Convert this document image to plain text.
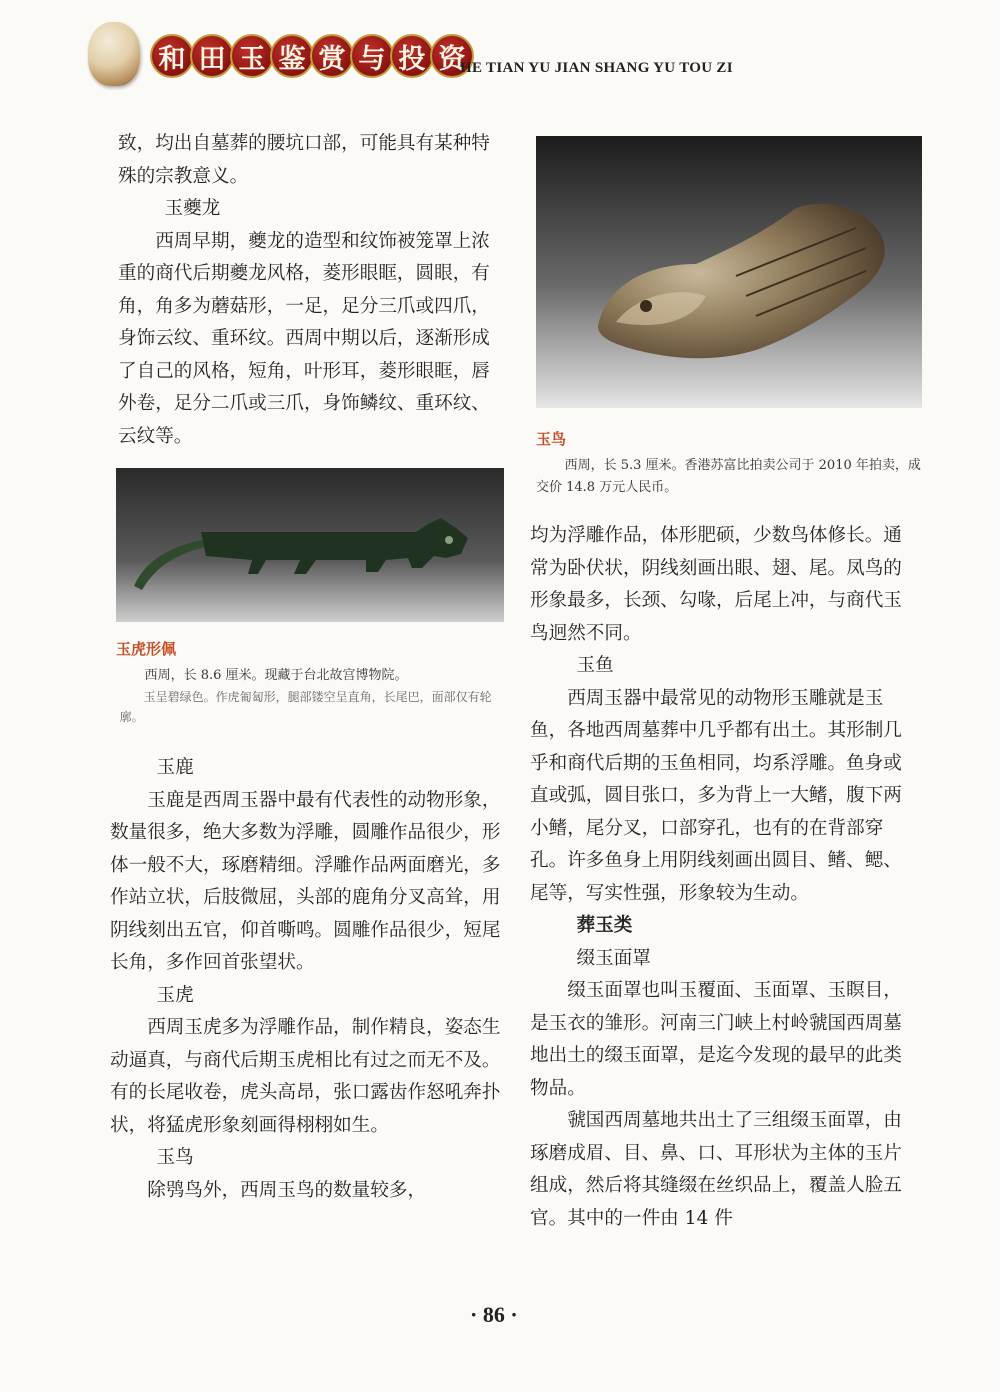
和 田 玉 鉴 赏 与 投 资
HE TIAN YU JIAN SHANG YU TOU ZI

致，均出自墓葬的腰坑口部，可能具有某种特殊的宗教意义。

玉夔龙

西周早期，夔龙的造型和纹饰被笼罩上浓重的商代后期夔龙风格，菱形眼眶，圆眼，有角，角多为蘑菇形，一足，足分三爪或四爪，身饰云纹、重环纹。西周中期以后，逐渐形成了自己的风格，短角，叶形耳，菱形眼眶，唇外卷，足分二爪或三爪，身饰鳞纹、重环纹、云纹等。

玉虎形佩
西周，长 8.6 厘米。现藏于台北故宫博物院。
玉呈碧绿色。作虎匍匐形，腿部镂空呈直角，长尾巴，面部仅有轮廓。
玉鹿

玉鹿是西周玉器中最有代表性的动物形象，数量很多，绝大多数为浮雕，圆雕作品很少，形体一般不大，琢磨精细。浮雕作品两面磨光，多作站立状，后肢微屈，头部的鹿角分叉高耸，用阴线刻出五官，仰首嘶鸣。圆雕作品很少，短尾长角，多作回首张望状。

玉虎

西周玉虎多为浮雕作品，制作精良，姿态生动逼真，与商代后期玉虎相比有过之而无不及。有的长尾收卷，虎头高昂，张口露齿作怒吼奔扑状，将猛虎形象刻画得栩栩如生。

玉鸟

除鸮鸟外，西周玉鸟的数量较多，

玉鸟
西周，长 5.3 厘米。香港苏富比拍卖公司于 2010 年拍卖，成交价 14.8 万元人民币。

均为浮雕作品，体形肥硕，少数鸟体修长。通常为卧伏状，阴线刻画出眼、翅、尾。凤鸟的形象最多，长颈、勾喙，后尾上冲，与商代玉鸟迥然不同。

玉鱼

西周玉器中最常见的动物形玉雕就是玉鱼，各地西周墓葬中几乎都有出土。其形制几乎和商代后期的玉鱼相同，均系浮雕。鱼身或直或弧，圆目张口，多为背上一大鳍，腹下两小鳍，尾分叉，口部穿孔，也有的在背部穿孔。许多鱼身上用阴线刻画出圆目、鳍、鳃、尾等，写实性强，形象较为生动。

葬玉类
缀玉面罩

缀玉面罩也叫玉覆面、玉面罩、玉瞑目，是玉衣的雏形。河南三门峡上村岭虢国西周墓地出土的缀玉面罩，是迄今发现的最早的此类物品。

虢国西周墓地共出土了三组缀玉面罩，由琢磨成眉、目、鼻、口、耳形状为主体的玉片组成，然后将其缝缀在丝织品上，覆盖人脸五官。其中的一件由 14 件

· 86 ·
